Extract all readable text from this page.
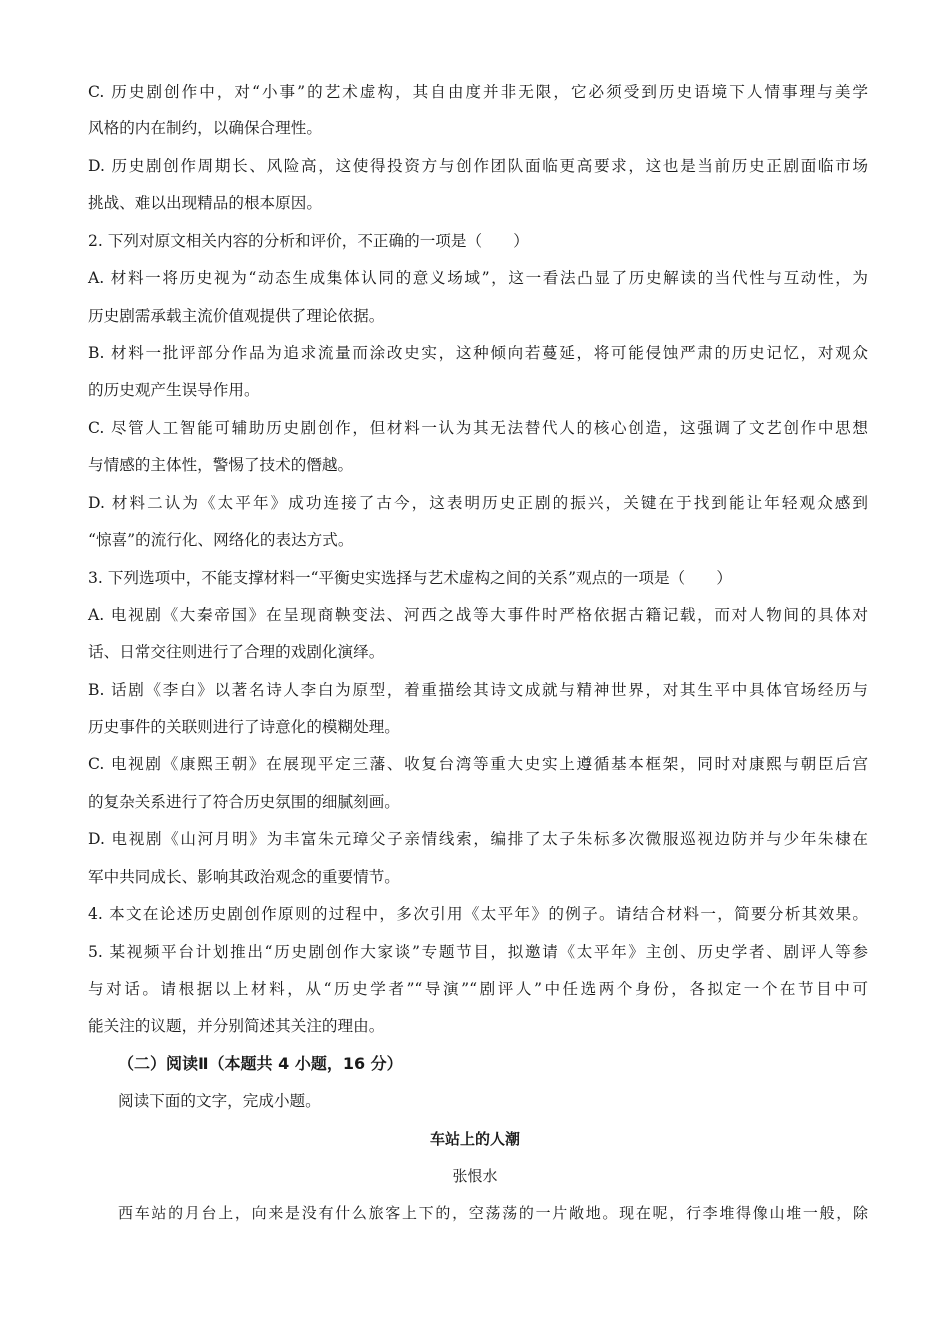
C. 历史剧创作中，对“小事”的艺术虚构，其自由度并非无限，它必须受到历史语境下人情事理与美学
风格的内在制约，以确保合理性。
D. 历史剧创作周期长、风险高，这使得投资方与创作团队面临更高要求，这也是当前历史正剧面临市场
挑战、难以出现精品的根本原因。
2. 下列对原文相关内容的分析和评价，不正确的一项是（　　）
A. 材料一将历史视为“动态生成集体认同的意义场域”，这一看法凸显了历史解读的当代性与互动性，为
历史剧需承载主流价值观提供了理论依据。
B. 材料一批评部分作品为追求流量而涂改史实，这种倾向若蔓延，将可能侵蚀严肃的历史记忆，对观众
的历史观产生误导作用。
C. 尽管人工智能可辅助历史剧创作，但材料一认为其无法替代人的核心创造，这强调了文艺创作中思想
与情感的主体性，警惕了技术的僭越。
D. 材料二认为《太平年》成功连接了古今，这表明历史正剧的振兴，关键在于找到能让年轻观众感到
“惊喜”的流行化、网络化的表达方式。
3. 下列选项中，不能支撑材料一“平衡史实选择与艺术虚构之间的关系”观点的一项是（　　）
A. 电视剧《大秦帝国》在呈现商鞅变法、河西之战等大事件时严格依据古籍记载，而对人物间的具体对
话、日常交往则进行了合理的戏剧化演绎。
B. 话剧《李白》以著名诗人李白为原型，着重描绘其诗文成就与精神世界，对其生平中具体官场经历与
历史事件的关联则进行了诗意化的模糊处理。
C. 电视剧《康熙王朝》在展现平定三藩、收复台湾等重大史实上遵循基本框架，同时对康熙与朝臣后宫
的复杂关系进行了符合历史氛围的细腻刻画。
D. 电视剧《山河月明》为丰富朱元璋父子亲情线索，编排了太子朱标多次微服巡视边防并与少年朱棣在
军中共同成长、影响其政治观念的重要情节。
4. 本文在论述历史剧创作原则的过程中，多次引用《太平年》的例子。请结合材料一，简要分析其效果。
5. 某视频平台计划推出“历史剧创作大家谈”专题节目，拟邀请《太平年》主创、历史学者、剧评人等参
与对话。请根据以上材料，从“历史学者”“导演”“剧评人”中任选两个身份，各拟定一个在节目中可
能关注的议题，并分别简述其关注的理由。
（二）阅读Ⅱ（本题共 4 小题，16 分）
阅读下面的文字，完成小题。
车站上的人潮
张恨水
西车站的月台上，向来是没有什么旅客上下的，空荡荡的一片敞地。现在呢，行李堆得像山堆一般，除
